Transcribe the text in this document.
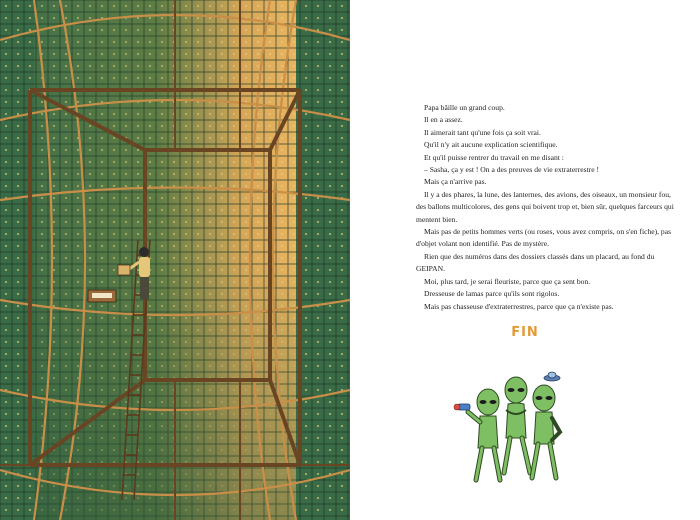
Papa bâille un grand coup.

Il en a assez.

Il aimerait tant qu'une fois ça soit vrai.

Qu'il n'y ait aucune explication scientifique.

Et qu'il puisse rentrer du travail en me disant :

– Sasha, ça y est ! On a des preuves de vie extraterrestre !

Mais ça n'arrive pas.

Il y a des phares, la lune, des lanternes, des avions, des oiseaux, un monsieur fou, des ballons multicolores, des gens qui boivent trop et, bien sûr, quelques farceurs qui mentent bien.

Mais pas de petits hommes verts (ou roses, vous avez compris, on s'en fiche), pas d'objet volant non identifié. Pas de mystère.

Rien que des numéros dans des dossiers classés dans un placard, au fond du GEIPAN.

Moi, plus tard, je serai fleuriste, parce que ça sent bon.

Dresseuse de lamas parce qu'ils sont rigolos.

Mais pas chasseuse d'extraterrestres, parce que ça n'existe pas.

FIN
